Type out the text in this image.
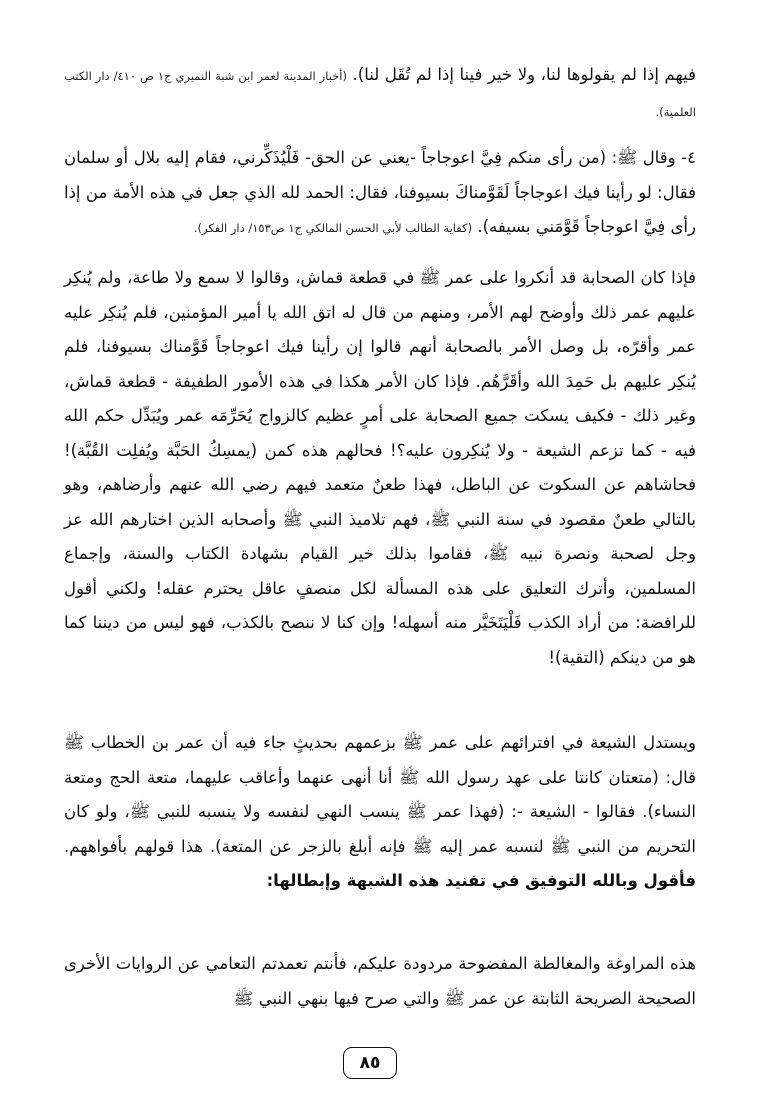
فيهم إذا لم يقولوها لنا، ولا خير فينا إذا لم تُقَل لنا). (أخبار المدينة لعمر ابن شبة النميري ج١ ص ٤١٠/ دار الكتب العلمية).

٤- وقال ﷺ: (من رأى منكم فِيَّ اعوجاجاً -يعني عن الحق- فَلْيُذَكِّرني، فقام إليه بلال أو سلمان فقال: لو رأينا فيك اعوجاجاً لَقَوَّمناكَ بسيوفنا، فقال: الحمد لله الذي جعل في هذه الأمة من إذا رأى فِيَّ اعوجاجاً قَوَّمَني بسيفه). (كفاية الطالب لأبي الحسن المالكي ج١ ص١٥٣/ دار الفكر).

فإذا كان الصحابة قد أنكروا على عمر ﷺ في قطعة قماش، وقالوا لا سمع ولا طاعة، ولم يُنكِر عليهم عمر ذلك وأوضح لهم الأمر، ومنهم من قال له اتق الله يا أمير المؤمنين، فلم يُنكِر عليه عمر وأقرّه، بل وصل الأمر بالصحابة أنهم قالوا إن رأينا فيك اعوجاجاً قَوَّمناك بسيوفنا، فلم يُنكِر عليهم بل حَمِدَ الله وأقَرَّهُم. فإذا كان الأمر هكذا في هذه الأمور الطفيفة - قطعة قماش، وغير ذلك - فكيف يسكت جميع الصحابة على أمرٍ عظيم كالزواج يُحَرِّمَه عمر ويُبَدِّل حكم الله فيه - كما تزعم الشيعة - ولا يُنكِرون عليه؟! فحالهم هذه كمن (يمسِكُ الحَبَّة ويُفلِت القُبَّة)! فحاشاهم عن السكوت عن الباطل، فهذا طعنٌ متعمد فيهم رضي الله عنهم وأرضاهم، وهو بالتالي طعنٌ مقصود في سنة النبي ﷺ، فهم تلاميذ النبي ﷺ وأصحابه الذين اختارهم الله عز وجل لصحبة ونصرة نبيه ﷺ، فقاموا بذلك خير القيام بشهادة الكتاب والسنة، وإجماع المسلمين، وأترك التعليق على هذه المسألة لكل منصفٍ عاقل يحترم عقله! ولكني أقول للرافضة: من أراد الكذب فَلْيَتَخَيَّر منه أسهله! وإن كنا لا ننصح بالكذب، فهو ليس من ديننا كما هو من دينكم (التقية)!

ويستدل الشيعة في افترائهم على عمر ﷺ بزعمهم بحديثٍ جاء فيه أن عمر بن الخطاب ﷺ قال: (متعتان كانتا على عهد رسول الله ﷺ أنا أنهى عنهما وأعاقب عليهما، متعة الحج ومتعة النساء). فقالوا - الشيعة -: (فهذا عمر ﷺ ينسب النهي لنفسه ولا ينسبه للنبي ﷺ، ولو كان التحريم من النبي ﷺ لنسبه عمر إليه ﷺ فإنه أبلغ بالزجر عن المتعة). هذا قولهم بأفواههم. فأقول وبالله التوفيق في تفنيد هذه الشبهة وإبطالها:

هذه المراوغة والمغالطة المفضوحة مردودة عليكم، فأنتم تعمدتم التعامي عن الروايات الأخرى الصحيحة الصريحة الثابتة عن عمر ﷺ والتي صرح فيها بنهي النبي ﷺ

٨٥
